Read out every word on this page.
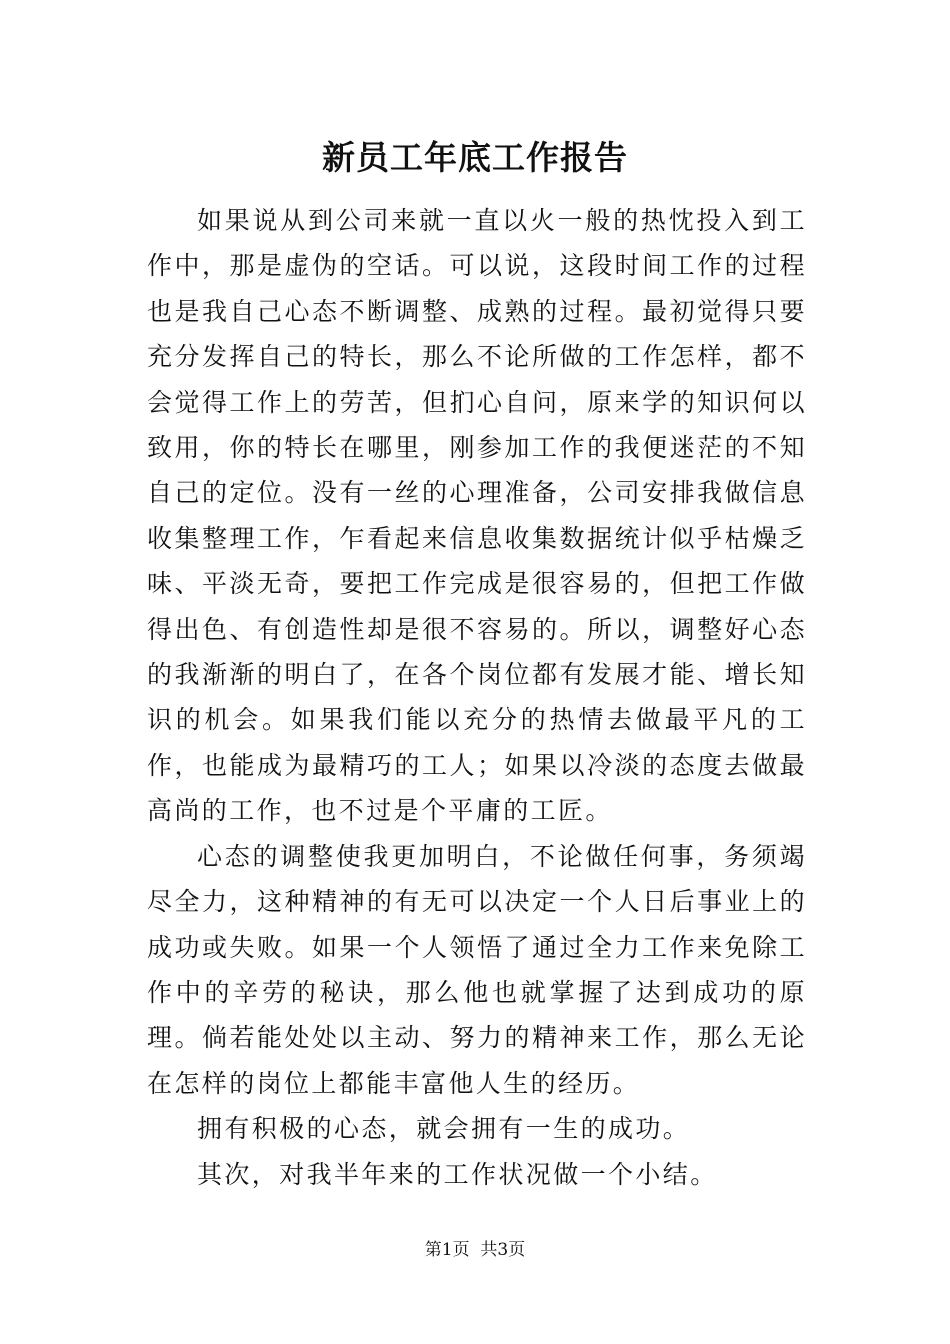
新员工年底工作报告

如果说从到公司来就一直以火一般的热忱投入到工作中，那是虚伪的空话。可以说，这段时间工作的过程也是我自己心态不断调整、成熟的过程。最初觉得只要充分发挥自己的特长，那么不论所做的工作怎样，都不会觉得工作上的劳苦，但扪心自问，原来学的知识何以致用，你的特长在哪里，刚参加工作的我便迷茫的不知自己的定位。没有一丝的心理准备，公司安排我做信息收集整理工作，乍看起来信息收集数据统计似乎枯燥乏味、平淡无奇，要把工作完成是很容易的，但把工作做得出色、有创造性却是很不容易的。所以，调整好心态的我渐渐的明白了，在各个岗位都有发展才能、增长知识的机会。如果我们能以充分的热情去做最平凡的工作，也能成为最精巧的工人；如果以冷淡的态度去做最高尚的工作，也不过是个平庸的工匠。

心态的调整使我更加明白，不论做任何事，务须竭尽全力，这种精神的有无可以决定一个人日后事业上的成功或失败。如果一个人领悟了通过全力工作来免除工作中的辛劳的秘诀，那么他也就掌握了达到成功的原理。倘若能处处以主动、努力的精神来工作，那么无论在怎样的岗位上都能丰富他人生的经历。

拥有积极的心态，就会拥有一生的成功。

其次，对我半年来的工作状况做一个小结。

第1页 共3页
